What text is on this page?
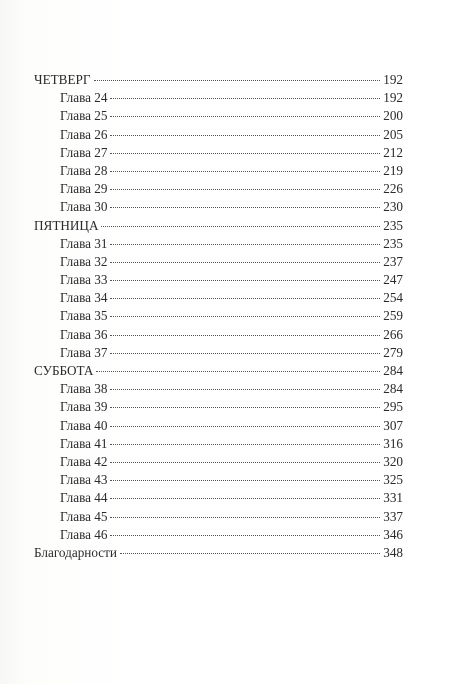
ЧЕТВЕРГ	192
Глава 24	192
Глава 25	200
Глава 26	205
Глава 27	212
Глава 28	219
Глава 29	226
Глава 30	230
ПЯТНИЦА	235
Глава 31	235
Глава 32	237
Глава 33	247
Глава 34	254
Глава 35	259
Глава 36	266
Глава 37	279
СУББОТА	284
Глава 38	284
Глава 39	295
Глава 40	307
Глава 41	316
Глава 42	320
Глава 43	325
Глава 44	331
Глава 45	337
Глава 46	346
Благодарности	348
